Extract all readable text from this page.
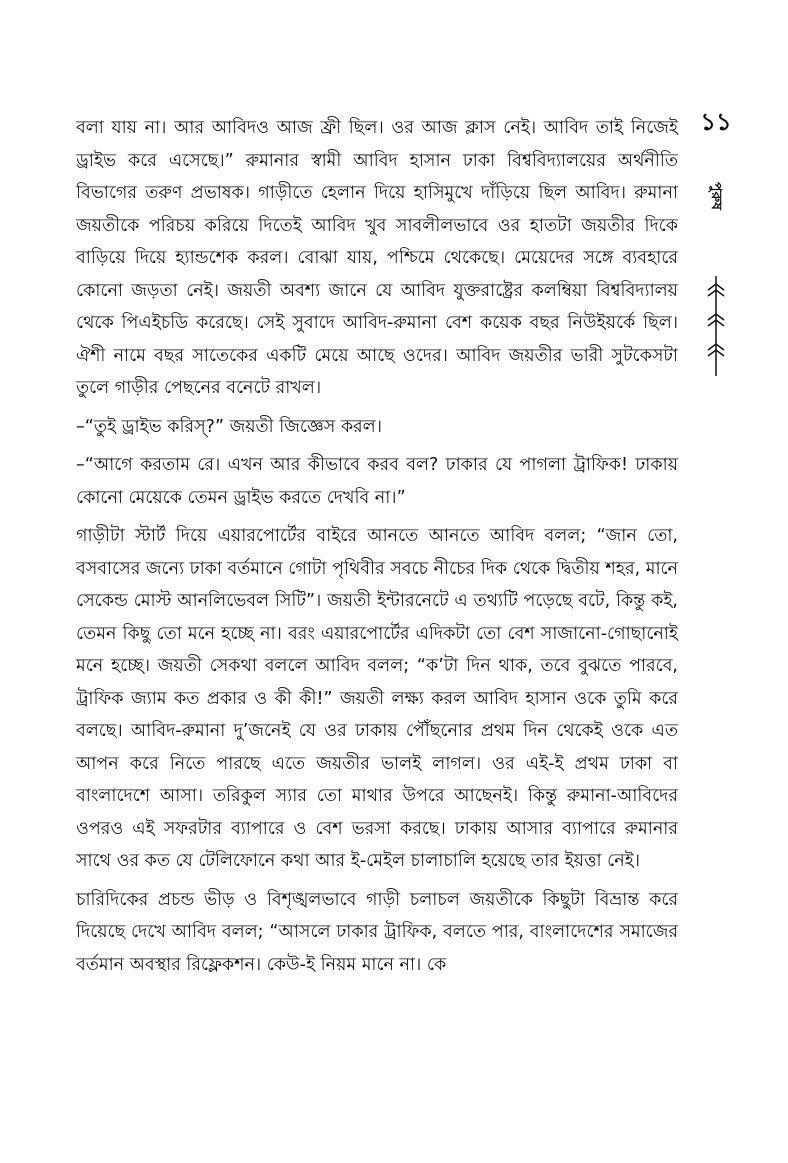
১১
পুরুষ

বলা যায় না। আর আবিদও আজ ফ্রী ছিল। ওর আজ ক্লাস নেই। আবিদ তাই নিজেই ড্রাইভ করে এসেছে।” রুমানার স্বামী আবিদ হাসান ঢাকা বিশ্ববিদ্যালয়ের অর্থনীতি বিভাগের তরুণ প্রভাষক। গাড়ীতে হেলান দিয়ে হাসিমুখে দাঁড়িয়ে ছিল আবিদ। রুমানা জয়তীকে পরিচয় করিয়ে দিতেই আবিদ খুব সাবলীলভাবে ওর হাতটা জয়তীর দিকে বাড়িয়ে দিয়ে হ্যান্ডশেক করল। বোঝা যায়, পশ্চিমে থেকেছে। মেয়েদের সঙ্গে ব্যবহারে কোনো জড়তা নেই। জয়তী অবশ্য জানে যে আবিদ যুক্তরাষ্ট্রের কলম্বিয়া বিশ্ববিদ্যালয় থেকে পিএইচডি করেছে। সেই সুবাদে আবিদ-রুমানা বেশ কয়েক বছর নিউইয়র্কে ছিল। ঐশী নামে বছর সাতেকের একটি মেয়ে আছে ওদের। আবিদ জয়তীর ভারী সুটকেসটা তুলে গাড়ীর পেছনের বনেটে রাখল।

–“তুই ড্রাইভ করিস্?” জয়তী জিজ্ঞেস করল।

–“আগে করতাম রে। এখন আর কীভাবে করব বল? ঢাকার যে পাগলা ট্রাফিক! ঢাকায় কোনো মেয়েকে তেমন ড্রাইভ করতে দেখবি না।”

গাড়ীটা স্টার্ট দিয়ে এয়ারপোর্টের বাইরে আনতে আনতে আবিদ বলল; “জান তো, বসবাসের জন্যে ঢাকা বর্তমানে গোটা পৃথিবীর সবচে নীচের দিক থেকে দ্বিতীয় শহর, মানে সেকেন্ড মোস্ট আনলিভেবল সিটি”। জয়তী ইন্টারনেটে এ তথ্যটি পড়েছে বটে, কিন্তু কই, তেমন কিছু তো মনে হচ্ছে না। বরং এয়ারপোর্টের এদিকটা তো বেশ সাজানো-গোছানোই মনে হচ্ছে। জয়তী সেকথা বললে আবিদ বলল; “ক’টা দিন থাক, তবে বুঝতে পারবে, ট্রাফিক জ্যাম কত প্রকার ও কী কী!” জয়তী লক্ষ্য করল আবিদ হাসান ওকে তুমি করে বলছে। আবিদ-রুমানা দু’জনেই যে ওর ঢাকায় পৌঁছনোর প্রথম দিন থেকেই ওকে এত আপন করে নিতে পারছে এতে জয়তীর ভালই লাগল। ওর এই-ই প্রথম ঢাকা বা বাংলাদেশে আসা। তরিকুল স্যার তো মাথার উপরে আছেনই। কিন্তু রুমানা-আবিদের ওপরও এই সফরটার ব্যাপারে ও বেশ ভরসা করছে। ঢাকায় আসার ব্যাপারে রুমানার সাথে ওর কত যে টেলিফোনে কথা আর ই-মেইল চালাচালি হয়েছে তার ইয়ত্তা নেই।

চারিদিকের প্রচন্ড ভীড় ও বিশৃঙ্খলভাবে গাড়ী চলাচল জয়তীকে কিছুটা বিভ্রান্ত করে দিয়েছে দেখে আবিদ বলল; “আসলে ঢাকার ট্রাফিক, বলতে পার, বাংলাদেশের সমাজের বর্তমান অবস্থার রিফ্লেকশন। কেউ-ই নিয়ম মানে না। কে
